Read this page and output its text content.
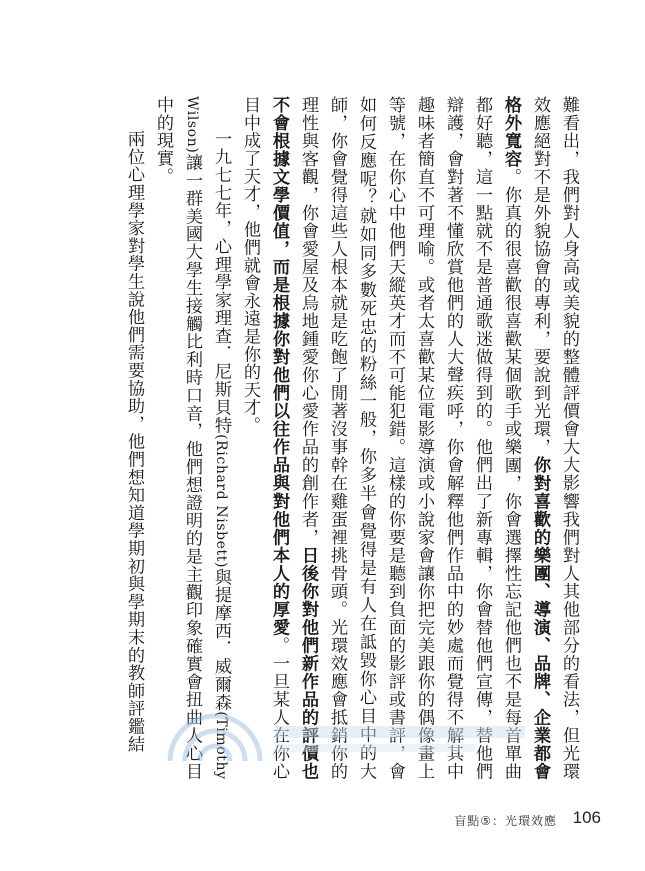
難看出，我們對人身高或美貌的整體評價會大大影響我們對人其他部分的看法，但光環效應絕對不是外貌協會的專利，要說到光環，你對喜歡的樂團、導演、品牌、企業都會格外寬容。你真的很喜歡很喜歡某個歌手或樂團，你會選擇性忘記他們也不是每首單曲都好聽，這一點就不是普通歌迷做得到的。他們出了新專輯，你會替他們宣傳，替他們辯護，會對著不懂欣賞他們的人大聲疾呼，你會解釋他們作品中的妙處而覺得不解其中趣味者簡直不可理喻。或者太喜歡某位電影導演或小說家會讓你把完美跟你的偶像畫上等號，在你心中他們天縱英才而不可能犯錯。這樣的你要是聽到負面的影評或書評，會如何反應呢？就如同多數死忠的粉絲一般，你多半會覺得是有人在詆毀你心目中的大師，你會覺得這些人根本就是吃飽了閒著沒事幹在雞蛋裡挑骨頭。光環效應會抵銷你的理性與客觀，你會愛屋及烏地鍾愛你心愛作品的創作者，日後你對他們新作品的評價也不會根據文學價值，而是根據你對他們以往作品與對他們本人的厚愛。一旦某人在你心目中成了天才，他們就會永遠是你的天才。

一九七七年，心理學家理查．尼斯貝特(Richard Nisbett)與提摩西．威爾森(Timothy Wilson)讓一群美國大學生接觸比利時口音，他們想證明的是主觀印象確實會扭曲人心目中的現實。

兩位心理學家對學生說他們需要協助，他們想知道學期初與學期末的教師評鑑結

盲點⑤：光環效應 106
